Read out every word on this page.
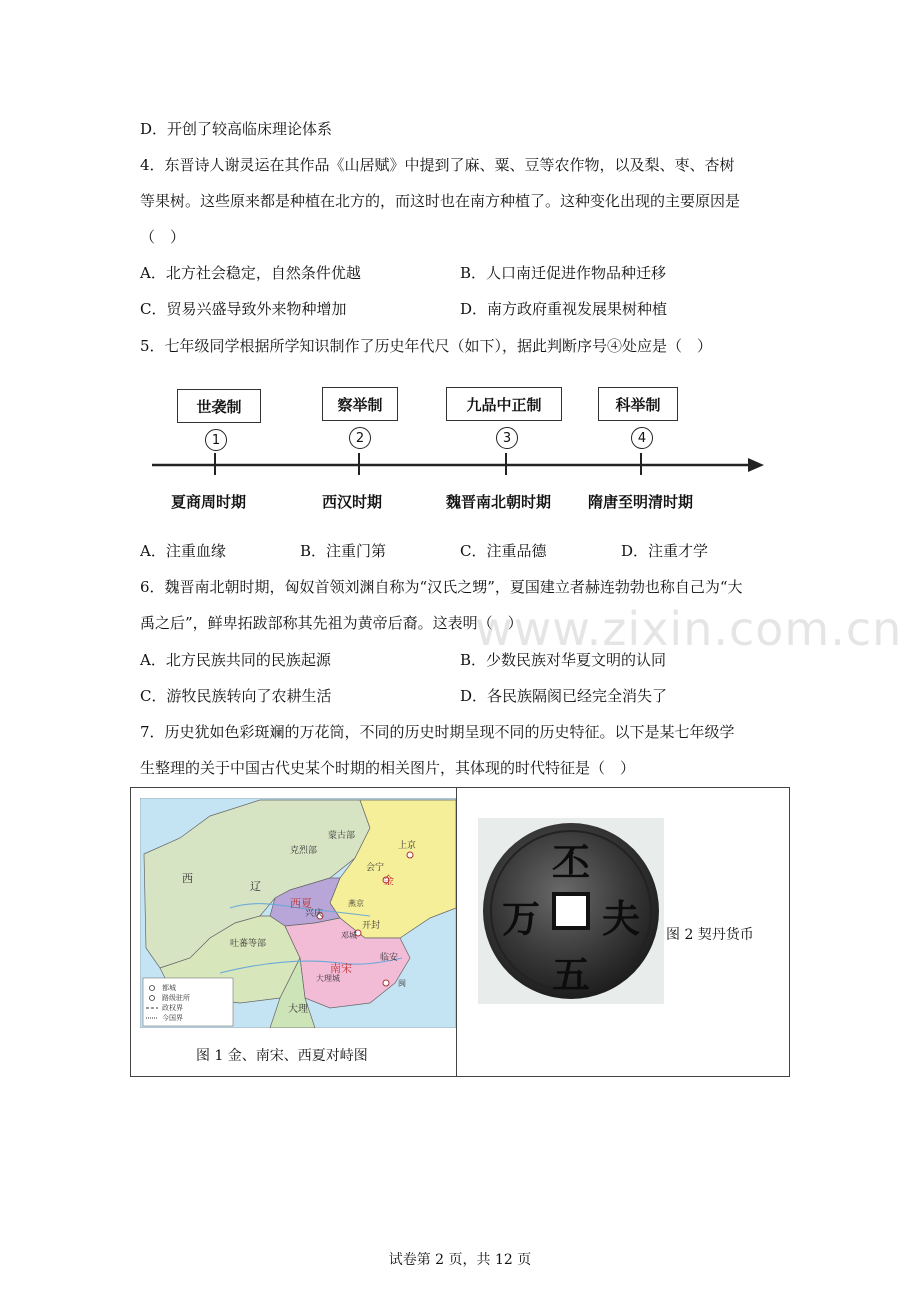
D．开创了较高临床理论体系
4．东晋诗人谢灵运在其作品《山居赋》中提到了麻、粟、豆等农作物，以及梨、枣、杏树
等果树。这些原来都是种植在北方的，而这时也在南方种植了。这种变化出现的主要原因是
（　）
A．北方社会稳定，自然条件优越	B．人口南迁促进作物品种迁移
C．贸易兴盛导致外来物种增加	D．南方政府重视发展果树种植
5．七年级同学根据所学知识制作了历史年代尺（如下），据此判断序号④处应是（　）
世袭制	察举制	九品中正制	科举制
1	2	3	4
夏商周时期	西汉时期	魏晋南北朝时期 隋唐至明清时期
A．注重血缘	B．注重门第	C．注重品德	D．注重才学
6．魏晋南北朝时期，匈奴首领刘渊自称为“汉氏之甥”，夏国建立者赫连勃勃也称自己为“大
禹之后”，鲜卑拓跋部称其先祖为黄帝后裔。这表明（　）
A．北方民族共同的民族起源	B．少数民族对华夏文明的认同
C．游牧民族转向了农耕生活	D．各民族隔阂已经完全消失了
www.zixin.com.cn
7．历史犹如色彩斑斓的万花筒，不同的历史时期呈现不同的历史特征。以下是某七年级学
生整理的关于中国古代史某个时期的相关图片，其体现的时代特征是（　）
西
辽
吐蕃等部
蒙古部
克烈部	上京
会宁
金
西夏
兴庆
燕京
开封
邓城
南宋
临安
大理
大理城
闽
都城
路级驻所
政权界
今国界
图 1 金、南宋、西夏对峙图
丕
夫
五
万	图 2 契丹货币
试卷第 2 页，共 12 页
